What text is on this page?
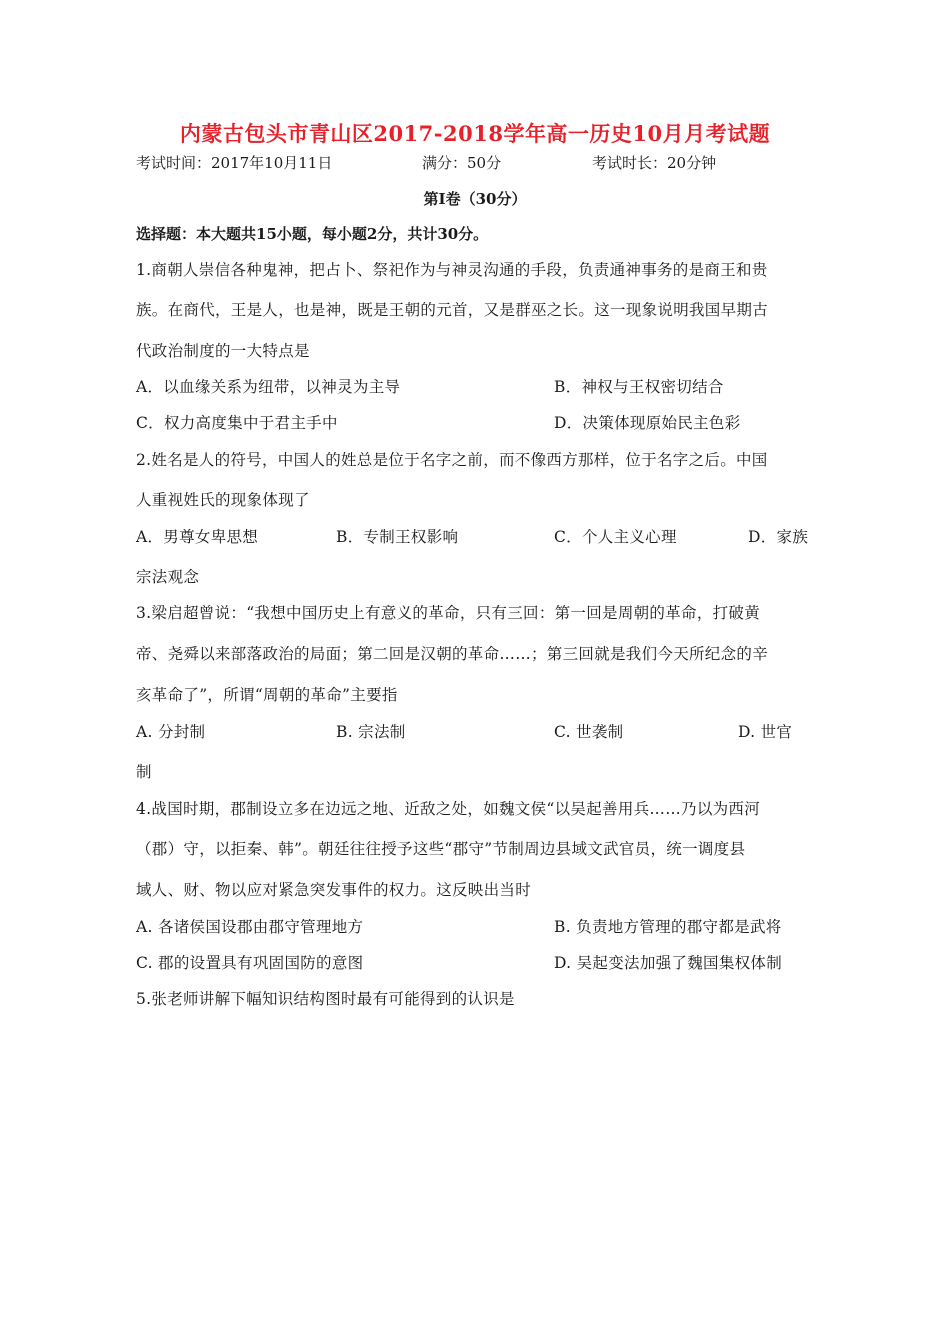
内蒙古包头市青山区2017-2018学年高一历史10月月考试题
考试时间：2017年10月11日	满分：50分	考试时长：20分钟
第Ⅰ卷（30分）
选择题：本大题共15小题，每小题2分，共计30分。
1.商朝人崇信各种鬼神，把占卜、祭祀作为与神灵沟通的手段，负责通神事务的是商王和贵
族。在商代，王是人，也是神，既是王朝的元首，又是群巫之长。这一现象说明我国早期古
代政治制度的一大特点是
A．以血缘关系为纽带，以神灵为主导	B．神权与王权密切结合
C．权力高度集中于君主手中	D．决策体现原始民主色彩
2.姓名是人的符号，中国人的姓总是位于名字之前，而不像西方那样，位于名字之后。中国
人重视姓氏的现象体现了
A．男尊女卑思想	B．专制王权影响	C．个人主义心理	D．家族
宗法观念
3.梁启超曾说：“我想中国历史上有意义的革命，只有三回：第一回是周朝的革命，打破黄
帝、尧舜以来部落政治的局面；第二回是汉朝的革命……；第三回就是我们今天所纪念的辛
亥革命了”，所谓“周朝的革命”主要指
A. 分封制	B. 宗法制	C. 世袭制	D. 世官
制
4.战国时期，郡制设立多在边远之地、近敌之处，如魏文侯“以吴起善用兵……乃以为西河
（郡）守，以拒秦、韩”。朝廷往往授予这些“郡守”节制周边县域文武官员，统一调度县
域人、财、物以应对紧急突发事件的权力。这反映出当时
A. 各诸侯国设郡由郡守管理地方	B. 负责地方管理的郡守都是武将
C. 郡的设置具有巩固国防的意图	D. 吴起变法加强了魏国集权体制
5.张老师讲解下幅知识结构图时最有可能得到的认识是
